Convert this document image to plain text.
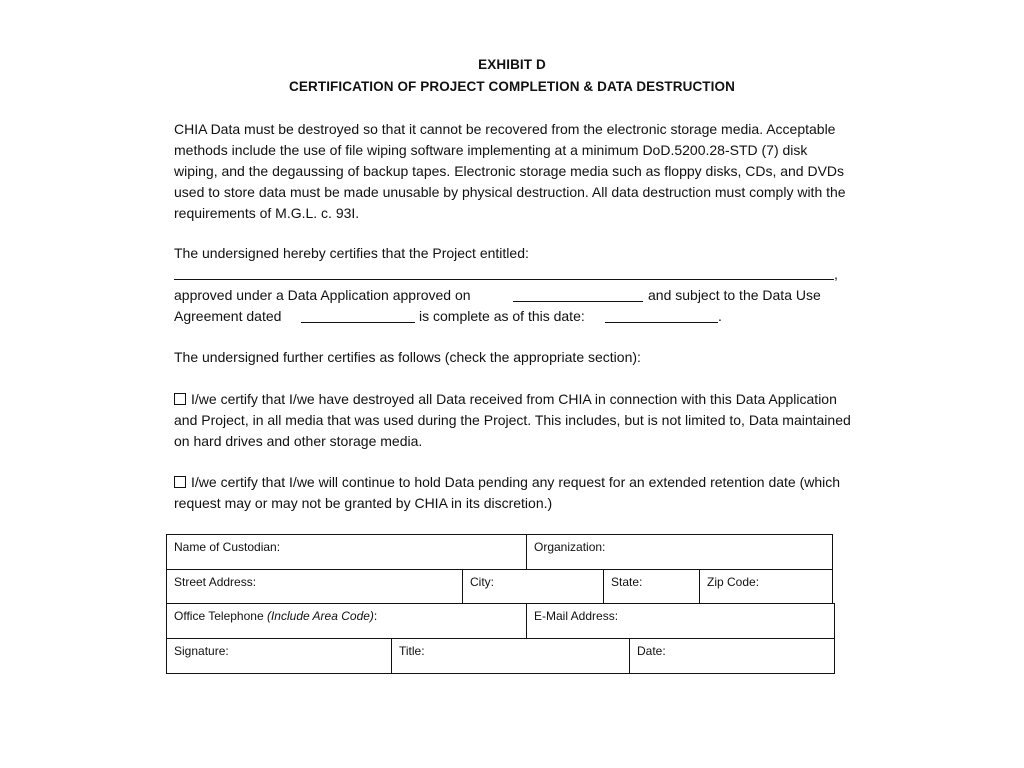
EXHIBIT D
CERTIFICATION OF PROJECT COMPLETION & DATA DESTRUCTION

CHIA Data must be destroyed so that it cannot be recovered from the electronic storage media. Acceptable methods include the use of file wiping software implementing at a minimum DoD.5200.28-STD (7) disk wiping, and the degaussing of backup tapes. Electronic storage media such as floppy disks, CDs, and DVDs used to store data must be made unusable by physical destruction. All data destruction must comply with the requirements of M.G.L. c. 93I.

The undersigned hereby certifies that the Project entitled:

,
approved under a Data Application approved on	and subject to the Data Use
Agreement dated	is complete as of this date:	.

The undersigned further certifies as follows (check the appropriate section):

I/we certify that I/we have destroyed all Data received from CHIA in connection with this Data Application and Project, in all media that was used during the Project. This includes, but is not limited to, Data maintained on hard drives and other storage media.

I/we certify that I/we will continue to hold Data pending any request for an extended retention date (which request may or may not be granted by CHIA in its discretion.)

Name of Custodian:	Organization:
Street Address:	City:	State:	Zip Code:
Office Telephone (Include Area Code):	E-Mail Address:
Signature:	Title:	Date:
